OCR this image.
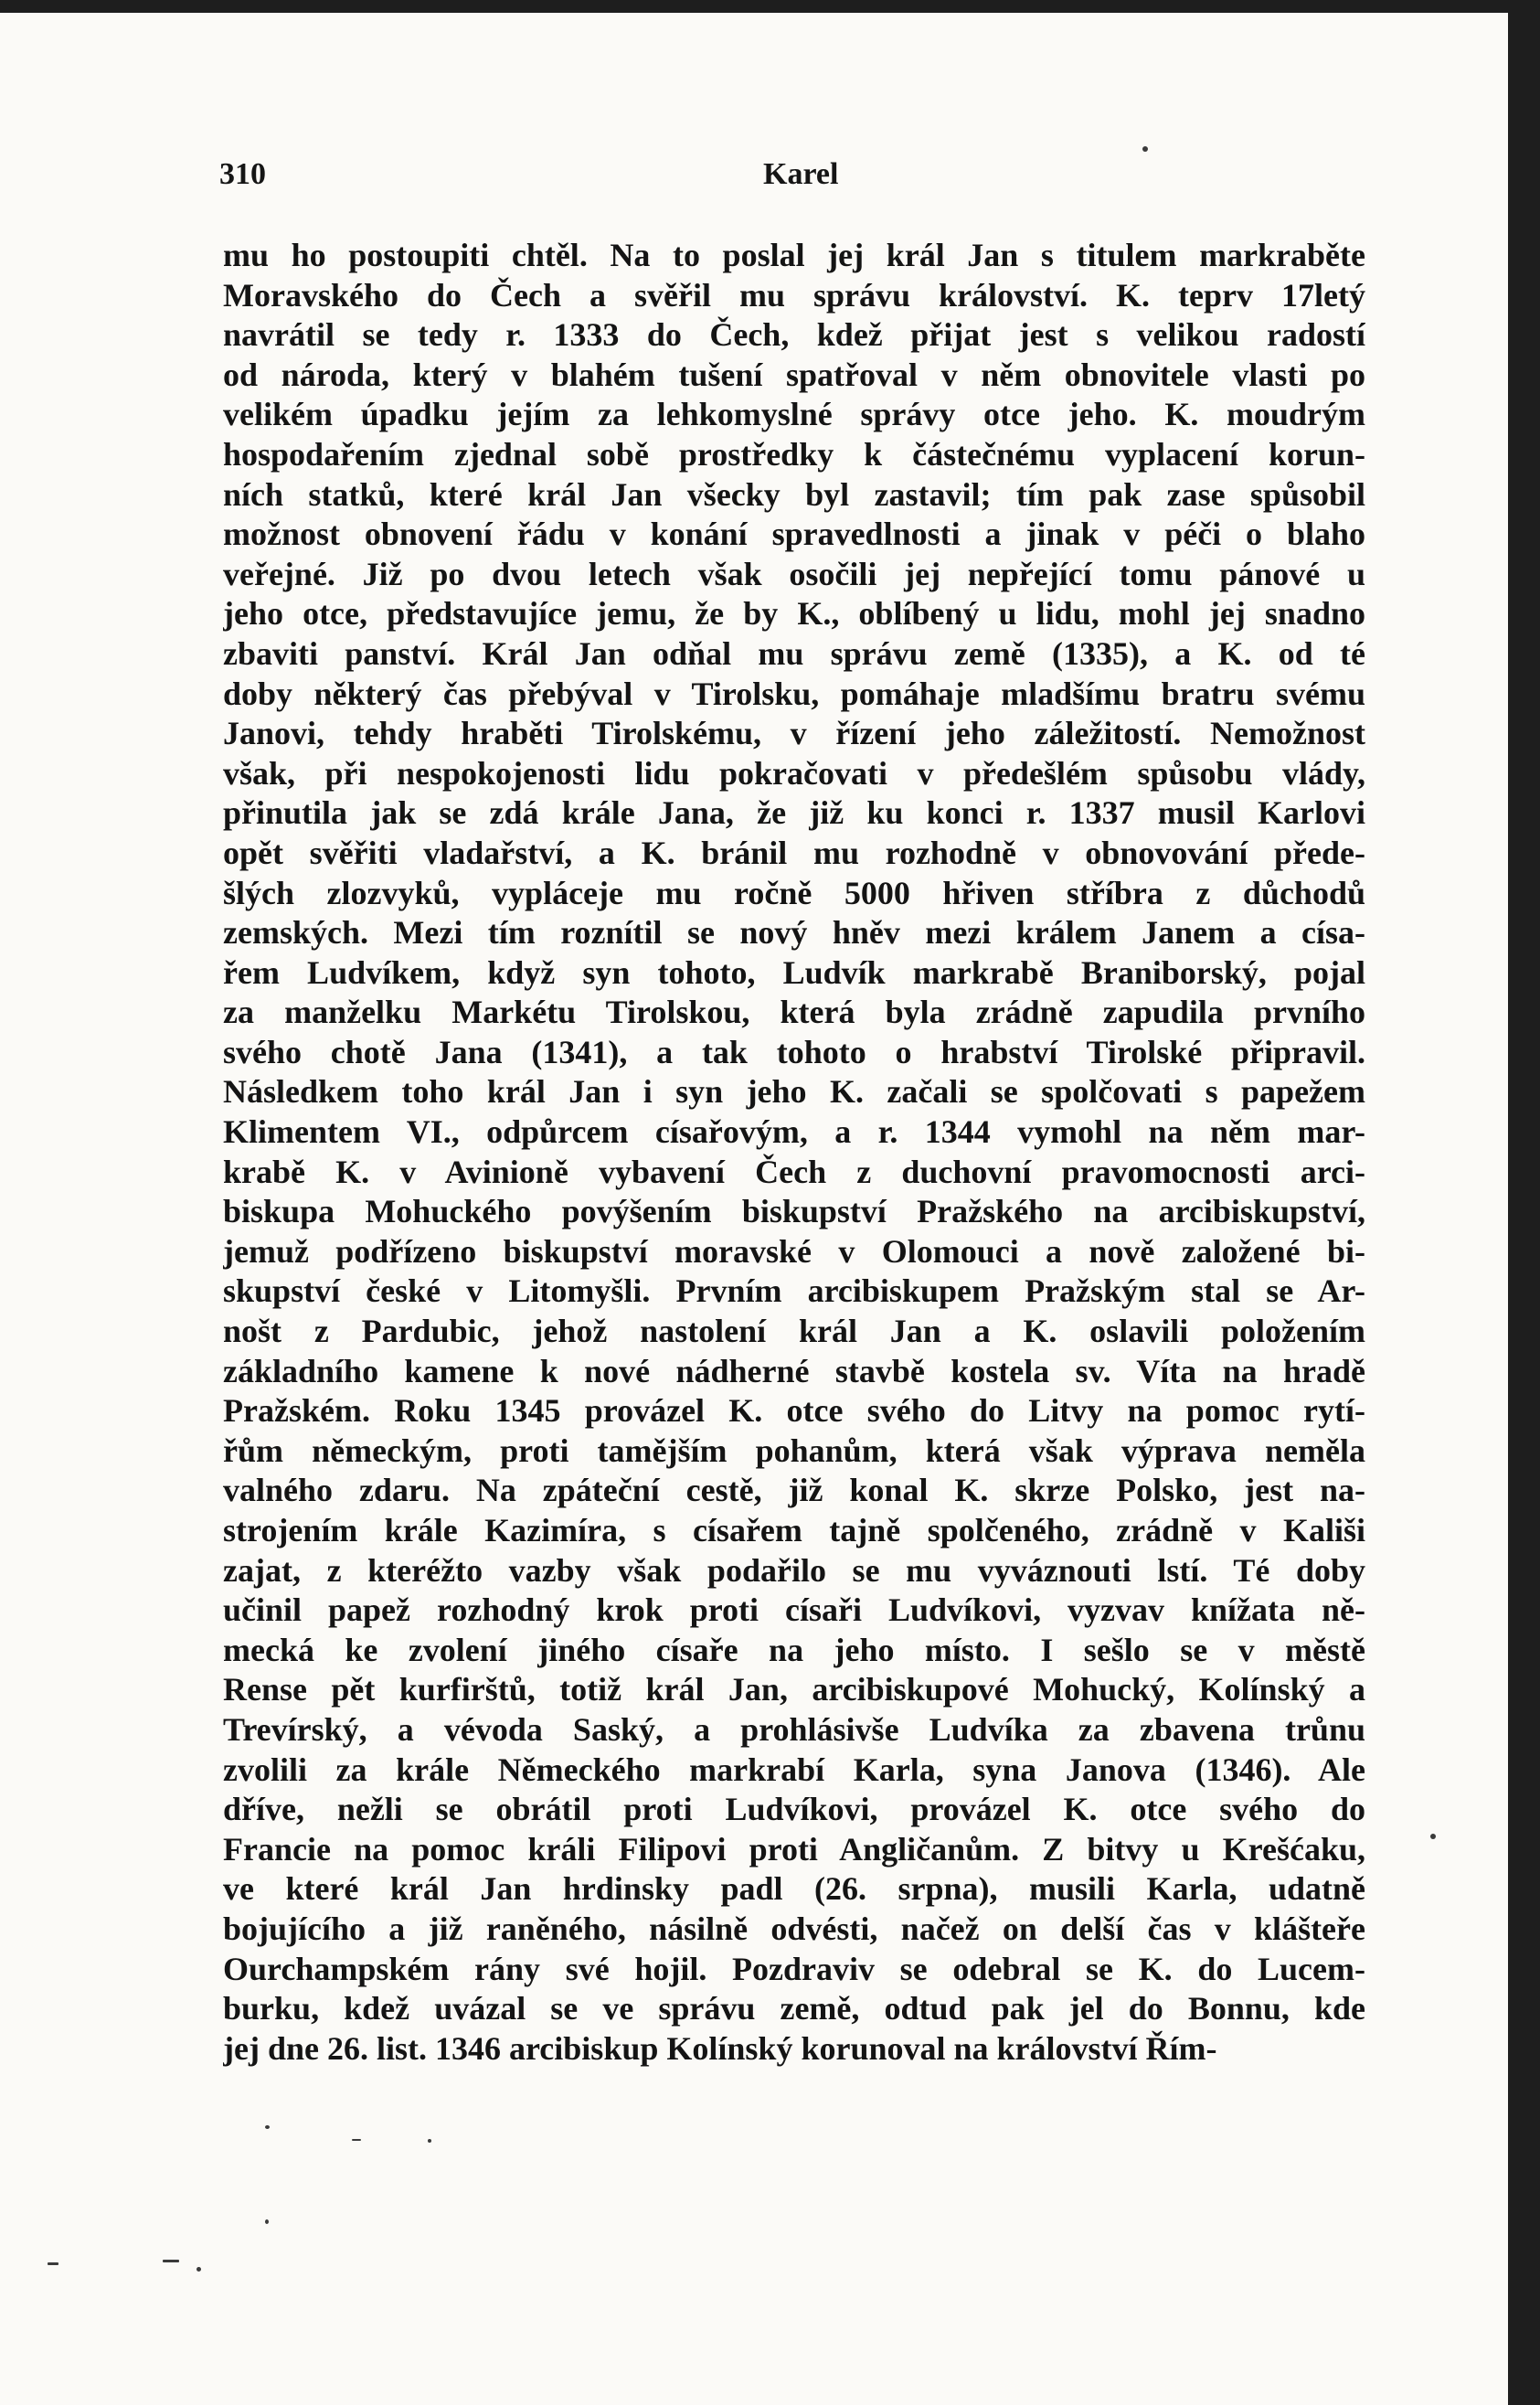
310	Karel
mu ho postoupiti chtěl. Na to poslal jej král Jan s titulem markraběte
Moravského do Čech a svěřil mu správu království. K. teprv 17letý
navrátil se tedy r. 1333 do Čech, kdež přijat jest s velikou radostí
od národa, který v blahém tušení spatřoval v něm obnovitele vlasti po
velikém úpadku jejím za lehkomyslné správy otce jeho. K. moudrým
hospodařením zjednal sobě prostředky k částečnému vyplacení korun-
ních statků, které král Jan všecky byl zastavil; tím pak zase spůsobil
možnost obnovení řádu v konání spravedlnosti a jinak v péči o blaho
veřejné. Již po dvou letech však osočili jej nepřející tomu pánové u
jeho otce, představujíce jemu, že by K., oblíbený u lidu, mohl jej snadno
zbaviti panství. Král Jan odňal mu správu země (1335), a K. od té
doby některý čas přebýval v Tirolsku, pomáhaje mladšímu bratru svému
Janovi, tehdy hraběti Tirolskému, v řízení jeho záležitostí. Nemožnost
však, při nespokojenosti lidu pokračovati v předešlém spůsobu vlády,
přinutila jak se zdá krále Jana, že již ku konci r. 1337 musil Karlovi
opět svěřiti vladařství, a K. bránil mu rozhodně v obnovování přede-
šlých zlozvyků, vypláceje mu ročně 5000 hřiven stříbra z důchodů
zemských. Mezi tím roznítil se nový hněv mezi králem Janem a císa-
řem Ludvíkem, když syn tohoto, Ludvík markrabě Braniborský, pojal
za manželku Markétu Tirolskou, která byla zrádně zapudila prvního
svého chotě Jana (1341), a tak tohoto o hrabství Tirolské připravil.
Následkem toho král Jan i syn jeho K. začali se spolčovati s papežem
Klimentem VI., odpůrcem císařovým, a r. 1344 vymohl na něm mar-
krabě K. v Avinioně vybavení Čech z duchovní pravomocnosti arci-
biskupa Mohuckého povýšením biskupství Pražského na arcibiskupství,
jemuž podřízeno biskupství moravské v Olomouci a nově založené bi-
skupství české v Litomyšli. Prvním arcibiskupem Pražským stal se Ar-
nošt z Pardubic, jehož nastolení král Jan a K. oslavili položením
základního kamene k nové nádherné stavbě kostela sv. Víta na hradě
Pražském. Roku 1345 provázel K. otce svého do Litvy na pomoc rytí-
řům německým, proti tamějším pohanům, která však výprava neměla
valného zdaru. Na zpáteční cestě, již konal K. skrze Polsko, jest na-
strojením krále Kazimíra, s císařem tajně spolčeného, zrádně v Kališi
zajat, z kteréžto vazby však podařilo se mu vyváznouti lstí. Té doby
učinil papež rozhodný krok proti císaři Ludvíkovi, vyzvav knížata ně-
mecká ke zvolení jiného císaře na jeho místo. I sešlo se v městě
Rense pět kurfirštů, totiž král Jan, arcibiskupové Mohucký, Kolínský a
Trevírský, a vévoda Saský, a prohlásivše Ludvíka za zbavena trůnu
zvolili za krále Německého markrabí Karla, syna Janova (1346). Ale
dříve, nežli se obrátil proti Ludvíkovi, provázel K. otce svého do
Francie na pomoc králi Filipovi proti Angličanům. Z bitvy u Krešćaku,
ve které král Jan hrdinsky padl (26. srpna), musili Karla, udatně
bojujícího a již raněného, násilně odvésti, načež on delší čas v klášteře
Ourchampském rány své hojil. Pozdraviv se odebral se K. do Lucem-
burku, kdež uvázal se ve správu země, odtud pak jel do Bonnu, kde
jej dne 26. list. 1346 arcibiskup Kolínský korunoval na království Řím-
